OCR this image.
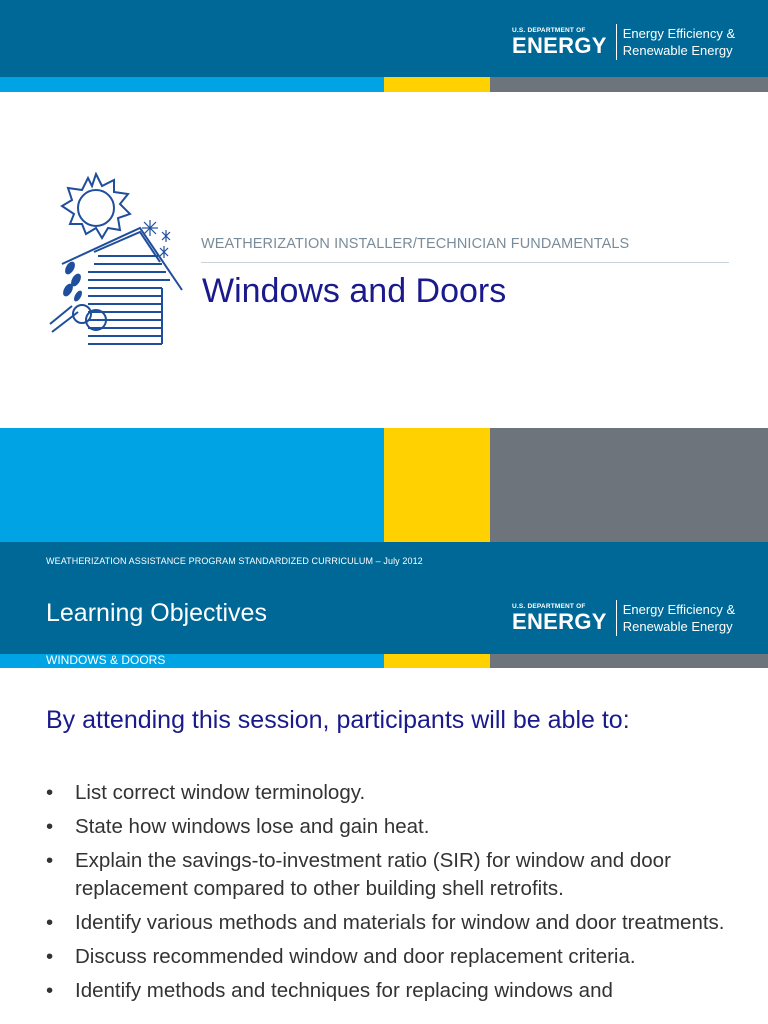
U.S. DEPARTMENT OF
ENERGY Energy Efficiency &
Renewable Energy
WEATHERIZATION INSTALLER/TECHNICIAN FUNDAMENTALS
Windows and Doors
WEATHERIZATION ASSISTANCE PROGRAM STANDARDIZED CURRICULUM – July 2012
Learning Objectives	U.S. DEPARTMENT OF
ENERGY Energy Efficiency &
Renewable Energy
WINDOWS & DOORS
By attending this session, participants will be able to:
• List correct window terminology.
• State how windows lose and gain heat.
• Explain the savings-to-investment ratio (SIR) for window and door replacement compared to other building shell retrofits.
• Identify various methods and materials for window and door treatments.
• Discuss recommended window and door replacement criteria.
• Identify methods and techniques for replacing windows and
